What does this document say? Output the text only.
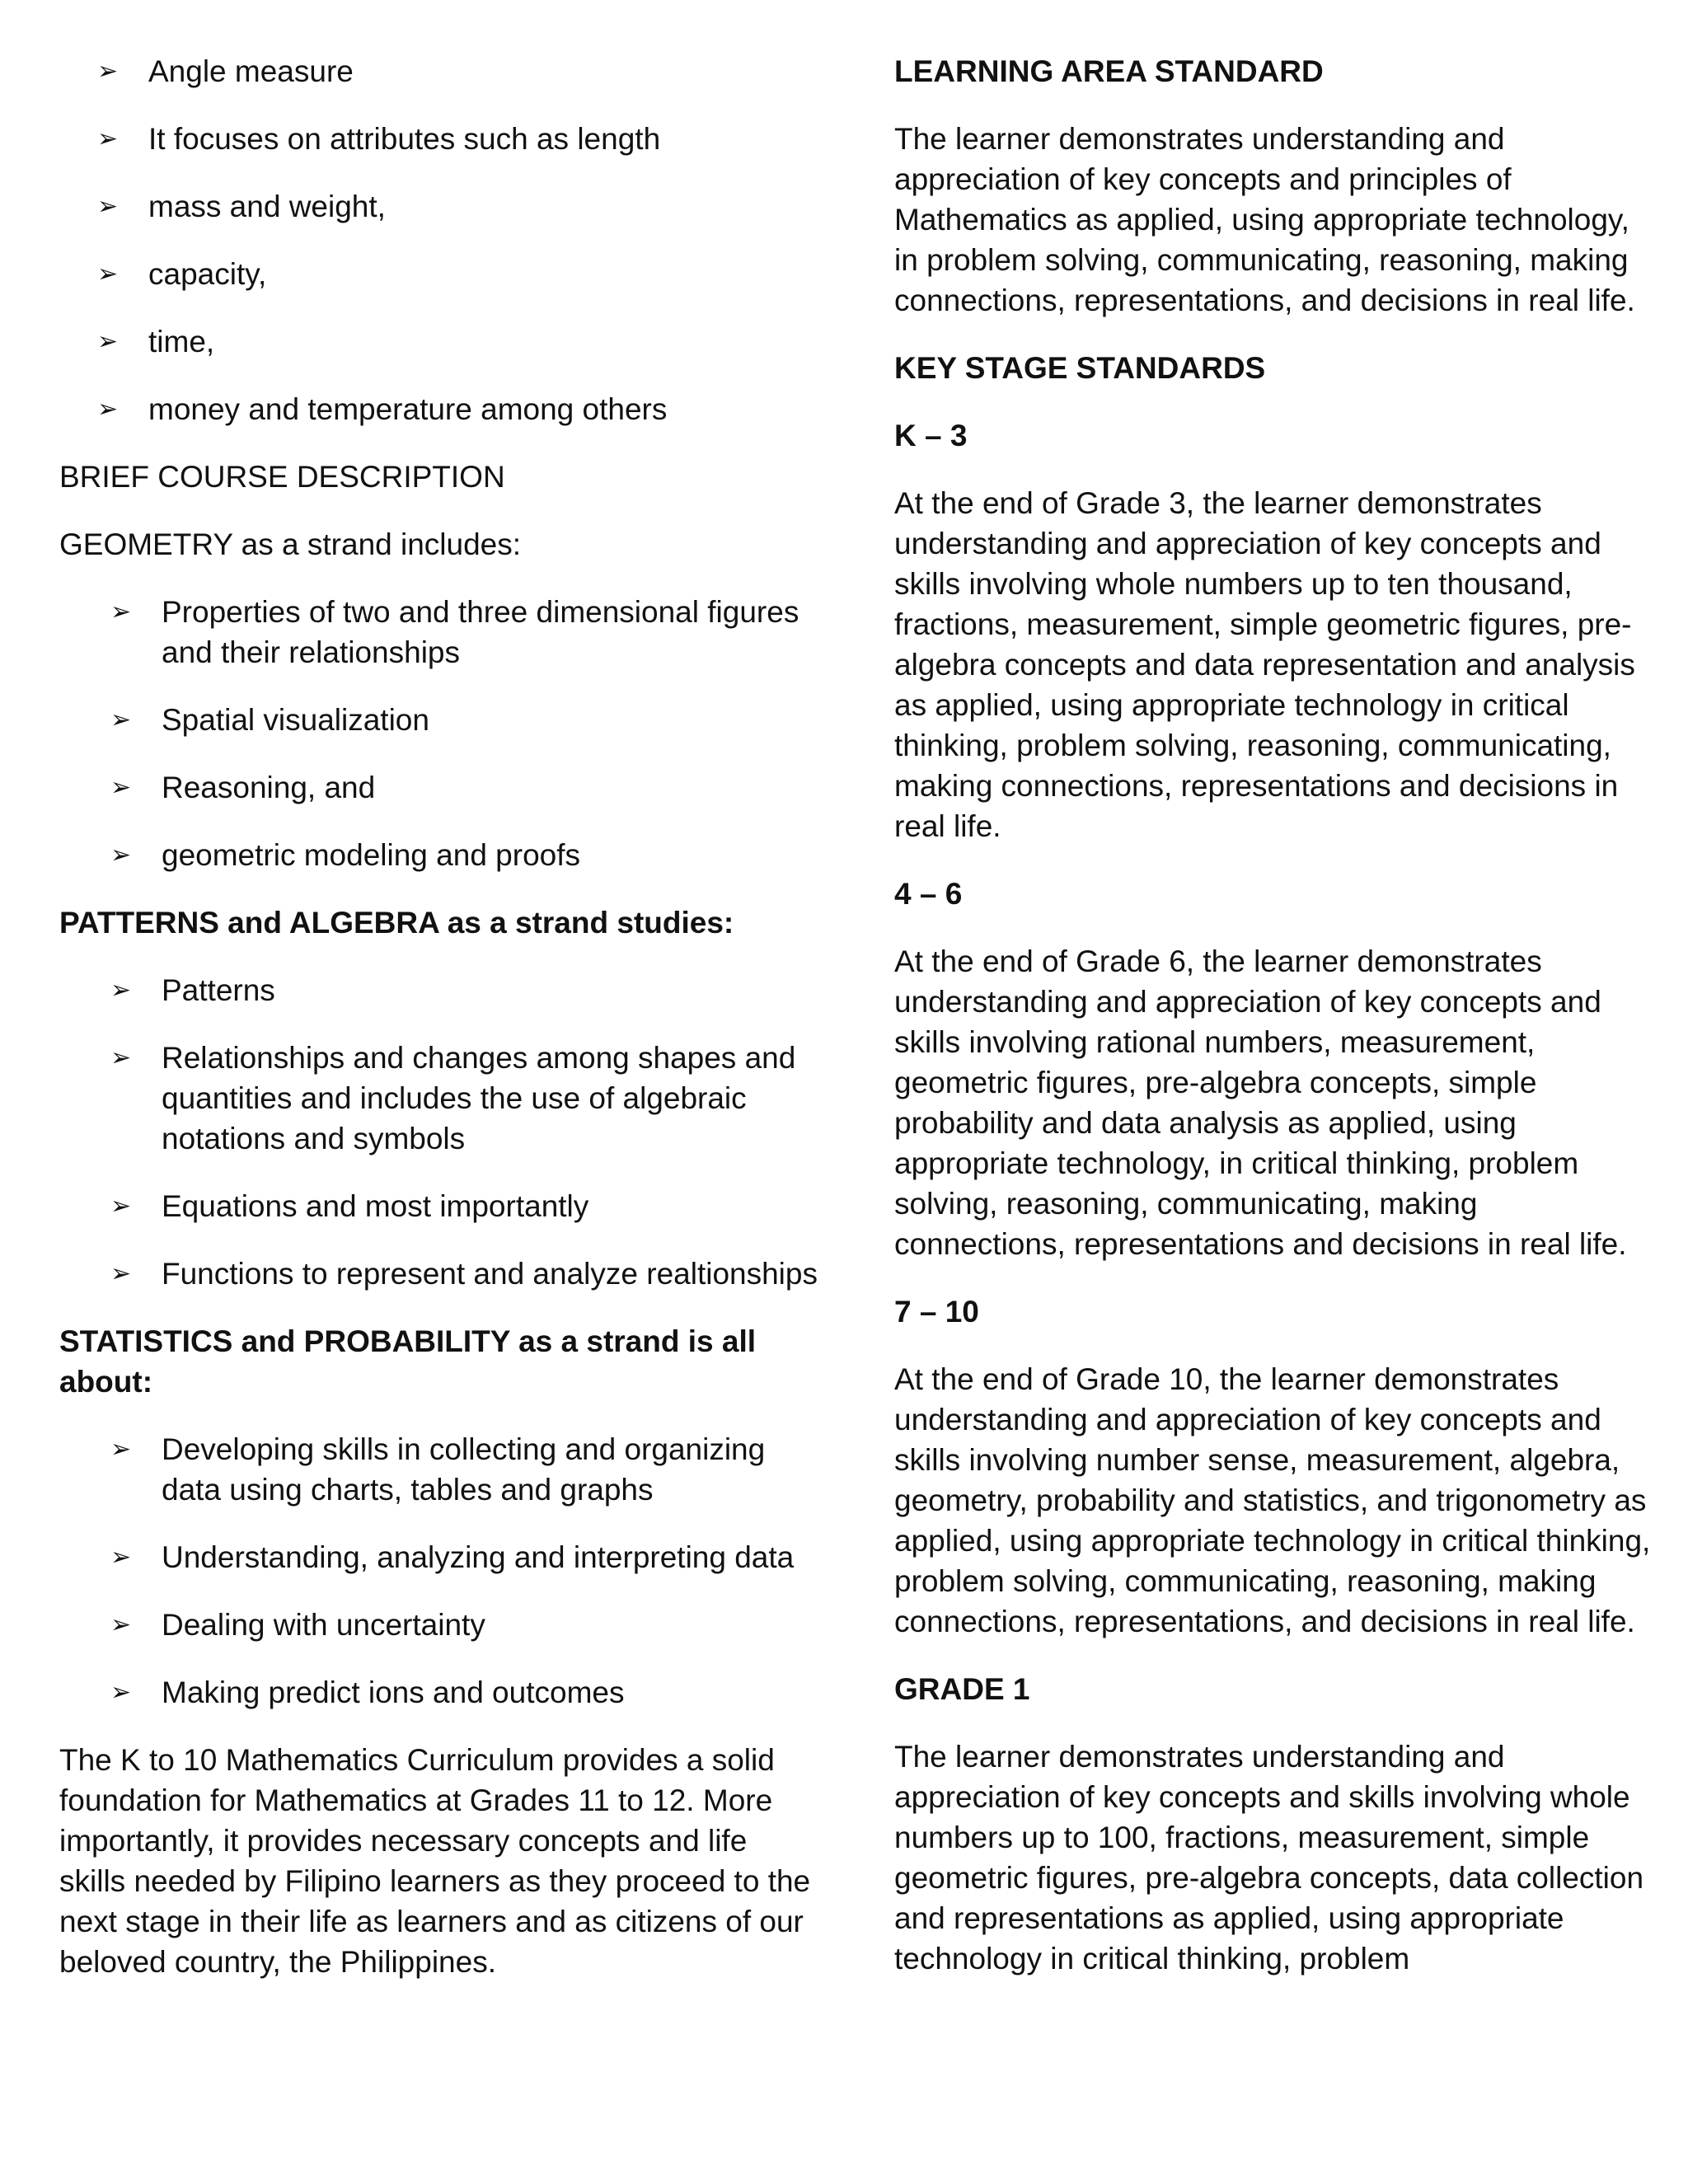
➢ Angle measure
➢ It focuses on attributes such as length
➢ mass and weight,
➢ capacity,
➢ time,
➢ money and temperature among others

BRIEF COURSE DESCRIPTION

GEOMETRY as a strand includes:

➢ Properties of two and three dimensional figures and their relationships
➢ Spatial visualization
➢ Reasoning, and
➢ geometric modeling and proofs

PATTERNS and ALGEBRA as a strand studies:

➢ Patterns
➢ Relationships and changes among shapes and quantities and includes the use of algebraic notations and symbols
➢ Equations and most importantly
➢ Functions to represent and analyze realtionships

STATISTICS and PROBABILITY as a strand is all about:

➢ Developing skills in collecting and organizing data using charts, tables and graphs
➢ Understanding, analyzing and interpreting data
➢ Dealing with uncertainty
➢ Making predict ions and outcomes

The K to 10 Mathematics Curriculum provides a solid foundation for Mathematics at Grades 11 to 12. More importantly, it provides necessary concepts and life skills needed by Filipino learners as they proceed to the next stage in their life as learners and as citizens of our beloved country, the Philippines.

LEARNING AREA STANDARD

The learner demonstrates understanding and appreciation of key concepts and principles of Mathematics as applied, using appropriate technology, in problem solving, communicating, reasoning, making connections, representations, and decisions in real life.

KEY STAGE STANDARDS

K – 3

At the end of Grade 3, the learner demonstrates understanding and appreciation of key concepts and skills involving whole numbers up to ten thousand, fractions, measurement, simple geometric figures, pre-algebra concepts and data representation and analysis as applied, using appropriate technology in critical thinking, problem solving, reasoning, communicating, making connections, representations and decisions in real life.

4 – 6

At the end of Grade 6, the learner demonstrates understanding and appreciation of key concepts and skills involving rational numbers, measurement, geometric figures, pre-algebra concepts, simple probability and data analysis as applied, using appropriate technology, in critical thinking, problem solving, reasoning, communicating, making connections, representations and decisions in real life.

7 – 10

At the end of Grade 10, the learner demonstrates understanding and appreciation of key concepts and skills involving number sense, measurement, algebra, geometry, probability and statistics, and trigonometry as applied, using appropriate technology in critical thinking, problem solving, communicating, reasoning, making connections, representations, and decisions in real life.

GRADE 1

The learner demonstrates understanding and appreciation of key concepts and skills involving whole numbers up to 100, fractions, measurement, simple geometric figures, pre-algebra concepts, data collection and representations as applied, using appropriate technology in critical thinking, problem
